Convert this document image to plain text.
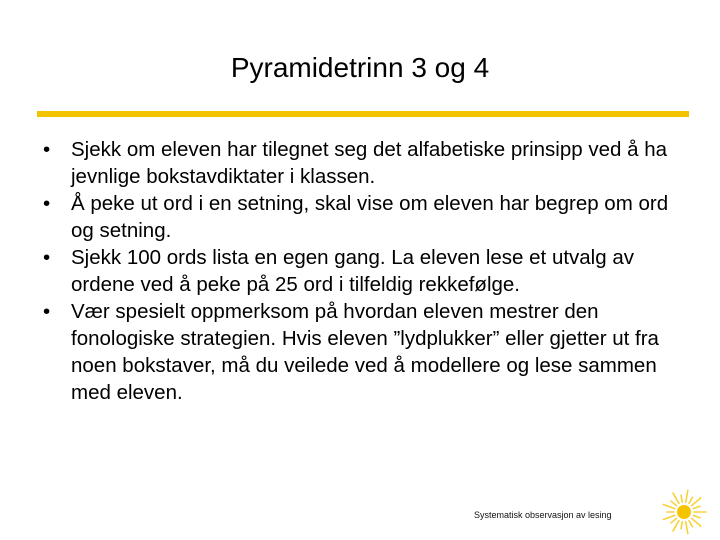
Pyramidetrinn 3 og 4
•	Sjekk om eleven har tilegnet seg det alfabetiske prinsipp ved å ha jevnlige bokstavdiktater i klassen.
•	Å peke ut ord i en setning, skal vise om eleven har begrep om ord og setning.
•	Sjekk 100 ords lista en egen gang. La eleven lese et utvalg av ordene ved å peke på 25 ord i tilfeldig rekkefølge.
•	Vær spesielt oppmerksom på hvordan eleven mestrer den fonologiske strategien. Hvis eleven ”lydplukker” eller gjetter ut fra noen bokstaver, må du veilede ved å modellere og lese sammen med eleven.
Systematisk observasjon av lesing
